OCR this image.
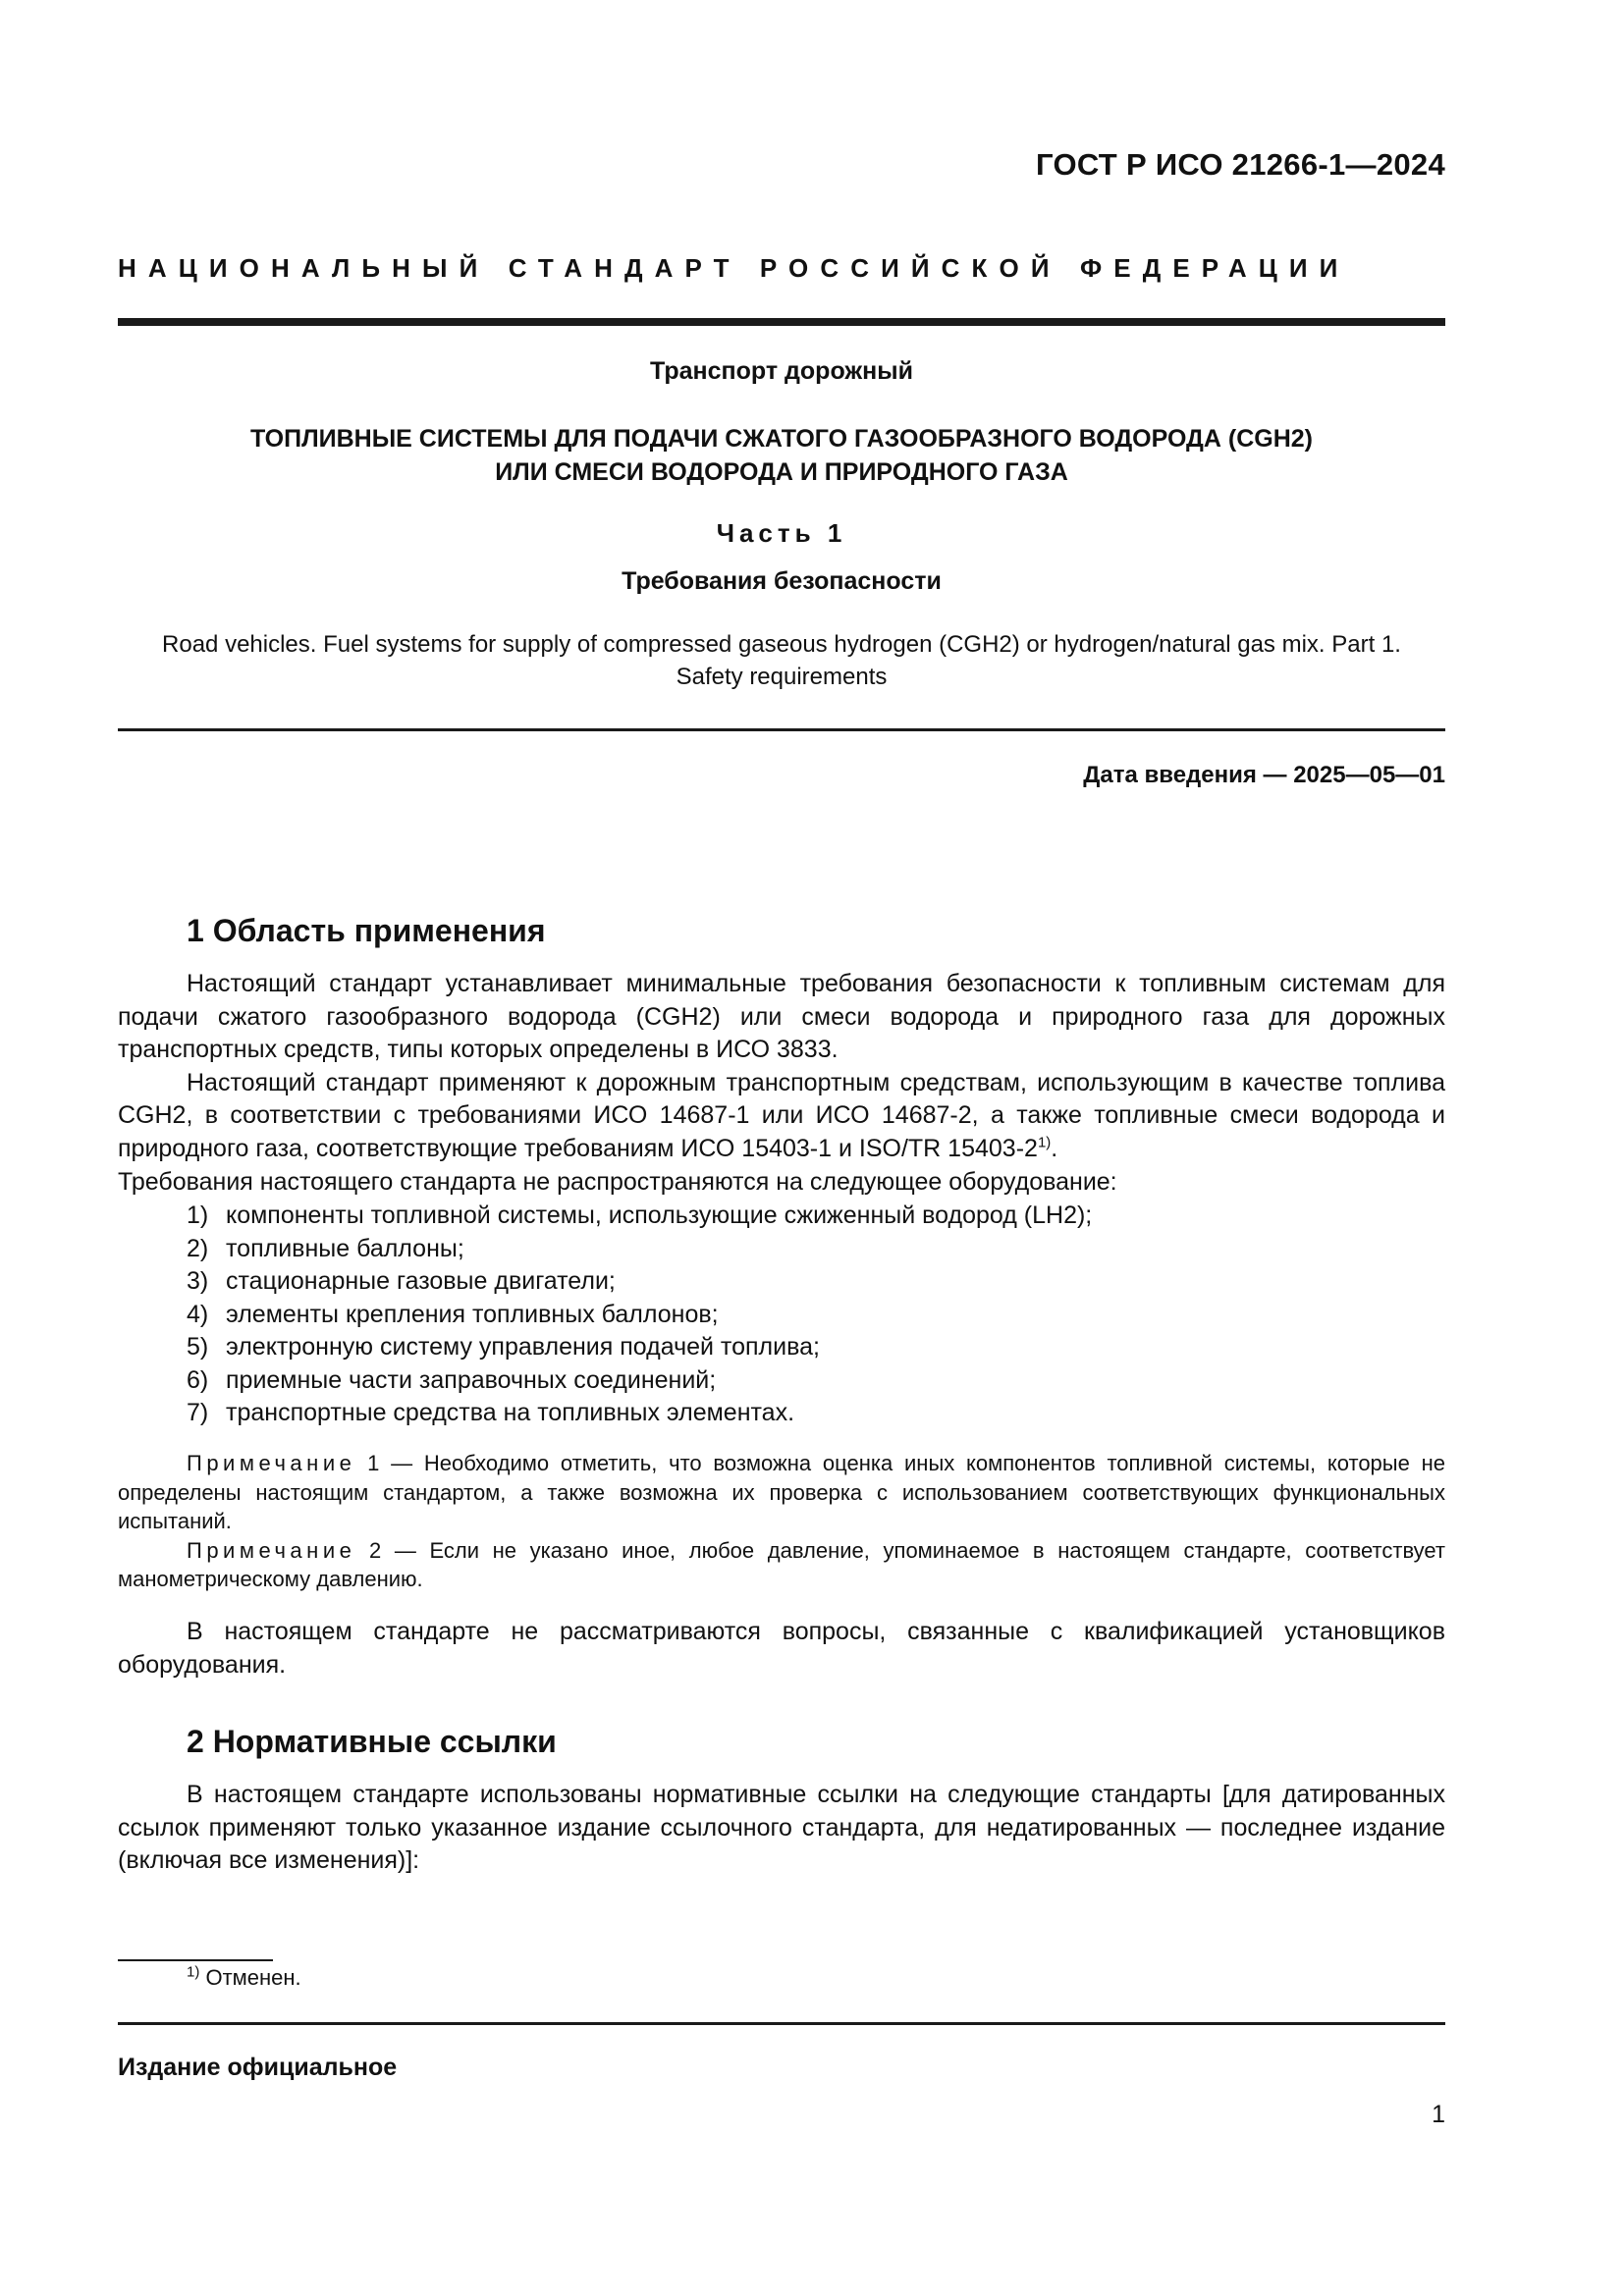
ГОСТ Р ИСО 21266-1—2024
НАЦИОНАЛЬНЫЙ СТАНДАРТ РОССИЙСКОЙ ФЕДЕРАЦИИ
Транспорт дорожный
ТОПЛИВНЫЕ СИСТЕМЫ ДЛЯ ПОДАЧИ СЖАТОГО ГАЗООБРАЗНОГО ВОДОРОДА (CGH2)
ИЛИ СМЕСИ ВОДОРОДА И ПРИРОДНОГО ГАЗА
Часть 1
Требования безопасности
Road vehicles. Fuel systems for supply of compressed gaseous hydrogen (CGH2) or hydrogen/natural gas mix. Part 1.
Safety requirements
Дата введения — 2025—05—01
1 Область применения

Настоящий стандарт устанавливает минимальные требования безопасности к топливным системам для подачи сжатого газообразного водорода (CGH2) или смеси водорода и природного газа для дорожных транспортных средств, типы которых определены в ИСО 3833.

Настоящий стандарт применяют к дорожным транспортным средствам, использующим в качестве топлива CGH2, в соответствии с требованиями ИСО 14687-1 или ИСО 14687-2, а также топливные смеси водорода и природного газа, соответствующие требованиям ИСО 15403-1 и ISO/TR 15403-2$^{1)}$.

Требования настоящего стандарта не распространяются на следующее оборудование:
1) компоненты топливной системы, использующие сжиженный водород (LH2);
2) топливные баллоны;
3) стационарные газовые двигатели;
4) элементы крепления топливных баллонов;
5) электронную систему управления подачей топлива;
6) приемные части заправочных соединений;
7) транспортные средства на топливных элементах.

Примечание 1 — Необходимо отметить, что возможна оценка иных компонентов топливной системы, которые не определены настоящим стандартом, а также возможна их проверка с использованием соответствующих функциональных испытаний.

Примечание 2 — Если не указано иное, любое давление, упоминаемое в настоящем стандарте, соответствует манометрическому давлению.

В настоящем стандарте не рассматриваются вопросы, связанные с квалификацией установщиков оборудования.

2 Нормативные ссылки

В настоящем стандарте использованы нормативные ссылки на следующие стандарты [для датированных ссылок применяют только указанное издание ссылочного стандарта, для недатированных — последнее издание (включая все изменения)]:

$^{1)}$ Отменен.
Издание официальное
1
